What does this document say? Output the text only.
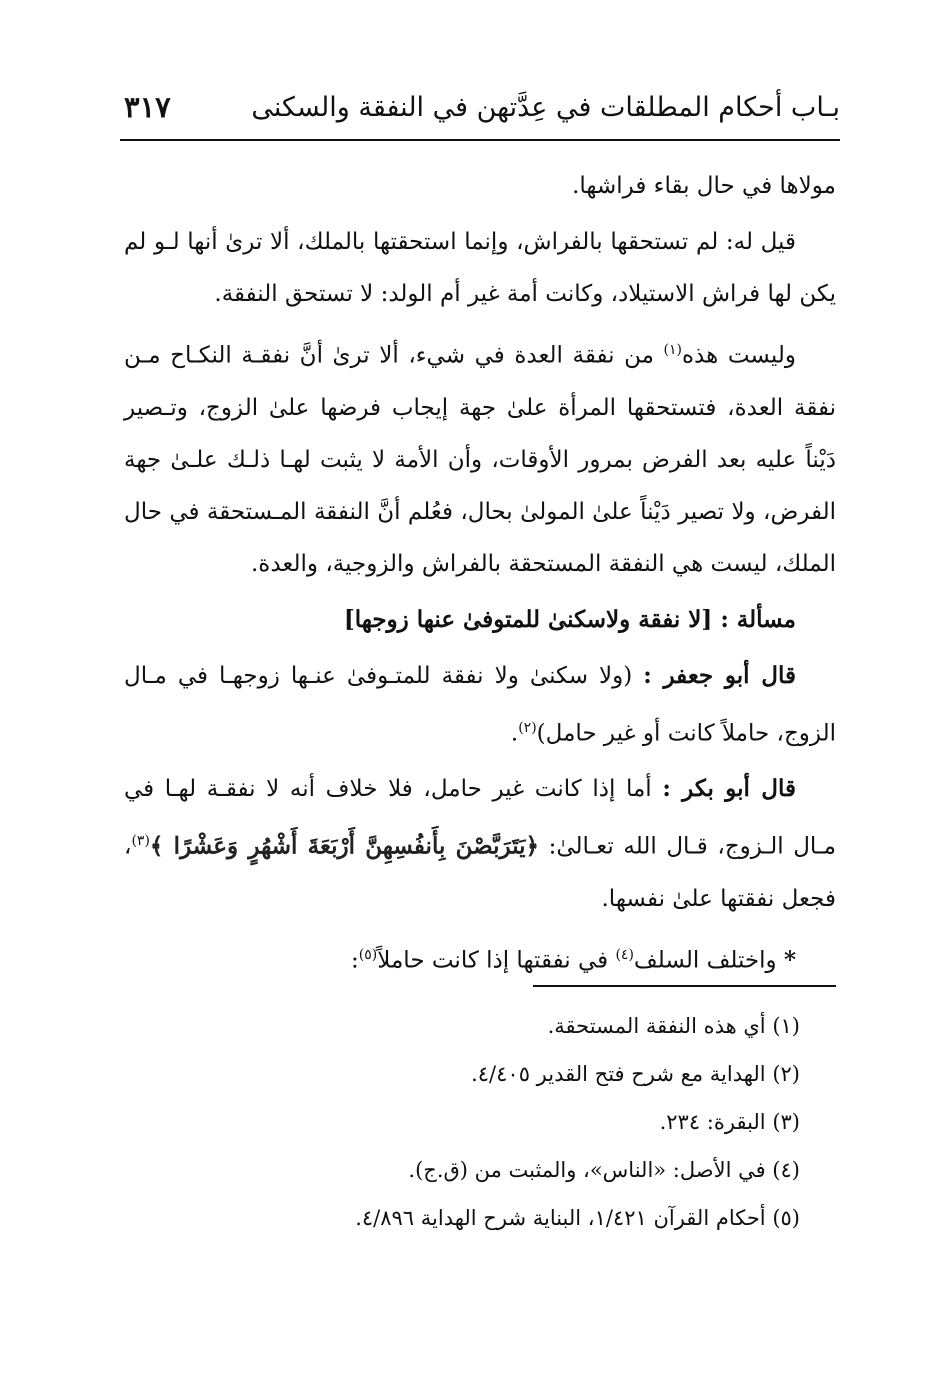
بـاب أحكام المطلقات في عِدَّتهن في النفقة والسكنى
٣١٧

مولاها في حال بقاء فراشها.

قيل له: لم تستحقها بالفراش، وإنما استحقتها بالملك، ألا ترىٰ أنها لـو لم يكن لها فراش الاستيلاد، وكانت أمة غير أم الولد: لا تستحق النفقة.

وليست هذه$^{(١)}$ من نفقة العدة في شيء، ألا ترىٰ أنَّ نفقـة النكـاح مـن نفقة العدة، فتستحقها المرأة علىٰ جهة إيجاب فرضها علىٰ الزوج، وتـصير دَيْناً عليه بعد الفرض بمرور الأوقات، وأن الأمة لا يثبت لهـا ذلـك علـىٰ جهة الفرض، ولا تصير دَيْناً علىٰ المولىٰ بحال، فعُلم أنَّ النفقة المـستحقة في حال الملك، ليست هي النفقة المستحقة بالفراش والزوجية، والعدة.

مسألة : [لا نفقة ولاسكنىٰ للمتوفىٰ عنها زوجها]

قال أبو جعفر : (ولا سكنىٰ ولا نفقة للمتـوفىٰ عنـها زوجهـا في مـال الزوج، حاملاً كانت أو غير حامل)$^{(٢)}$.

قال أبو بكر : أما إذا كانت غير حامل، فلا خلاف أنه لا نفقـة لهـا في مـال الـزوج، قـال الله تعـالىٰ: ﴿يَتَرَبَّصْنَ بِأَنفُسِهِنَّ أَرْبَعَةَ أَشْهُرٍ وَعَشْرًا ﴾$^{(٣)}$، فجعل نفقتها علىٰ نفسها.

* واختلف السلف$^{(٤)}$ في نفقتها إذا كانت حاملاً$^{(٥)}$:

(١) أي هذه النفقة المستحقة.
(٢) الهداية مع شرح فتح القدير ٤/٤٠٥.
(٣) البقرة: ٢٣٤.
(٤) في الأصل: «الناس»، والمثبت من (ق.ج).
(٥) أحكام القرآن ١/٤٢١، البناية شرح الهداية ٤/٨٩٦.
